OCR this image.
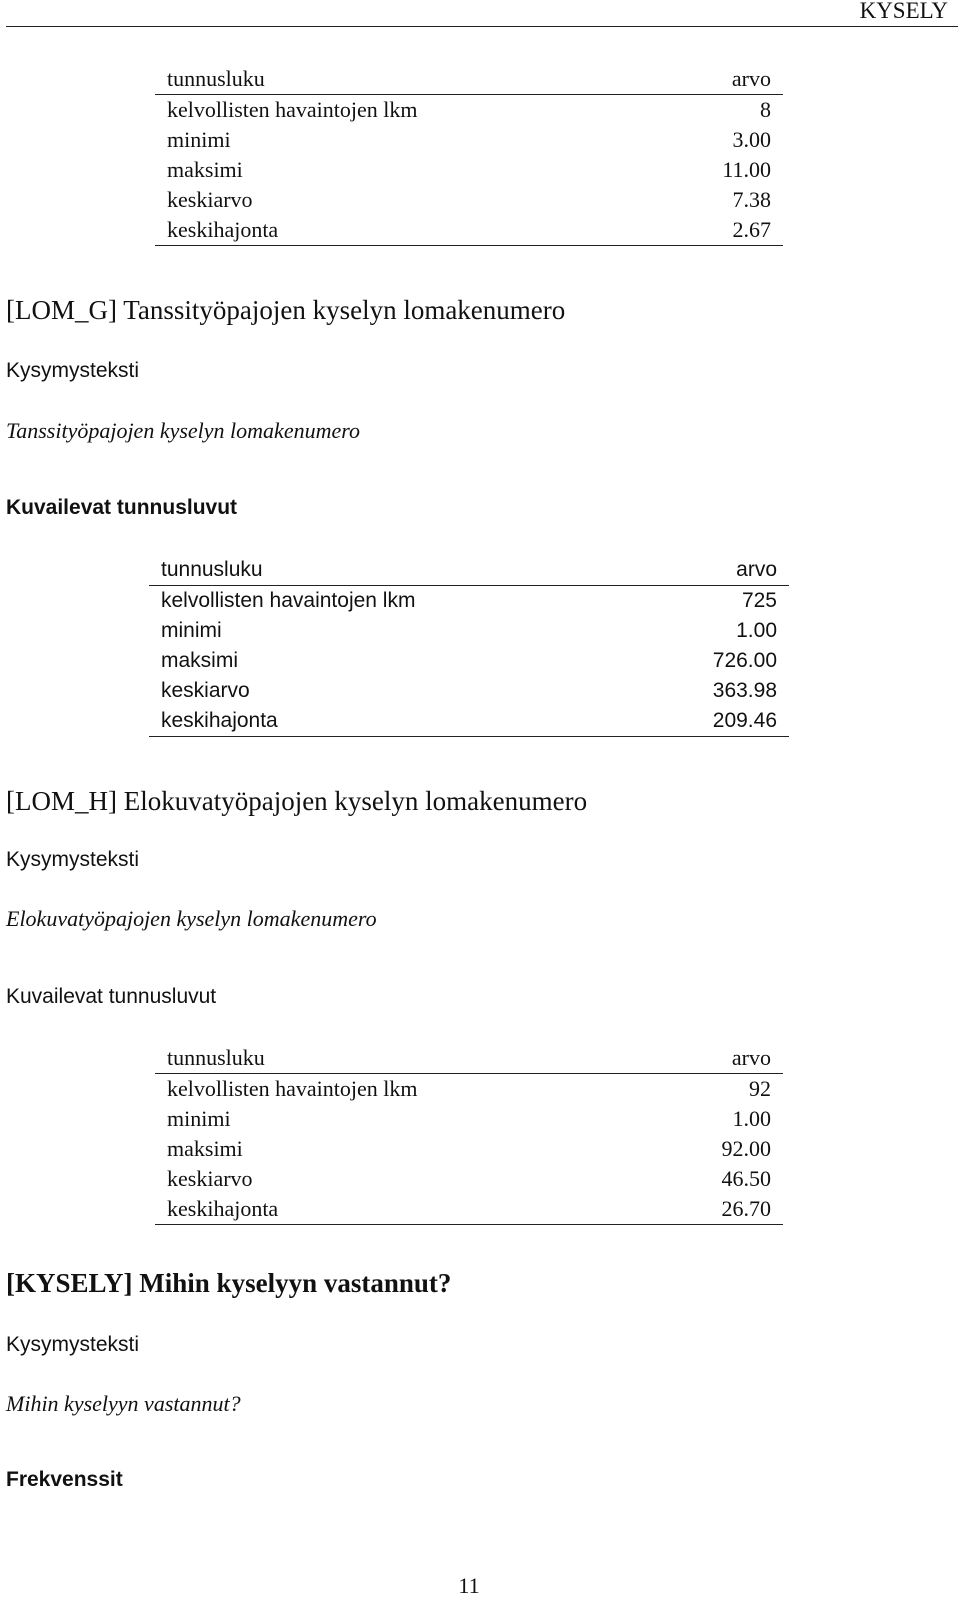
KYSELY
tunnusluku	arvo
kelvollisten havaintojen lkm	8
minimi	3.00
maksimi	11.00
keskiarvo	7.38
keskihajonta	2.67
[LOM_G] Tanssityöpajojen kyselyn lomakenumero
Kysymysteksti

Tanssityöpajojen kyselyn lomakenumero

Kuvailevat tunnusluvut
tunnusluku	arvo
kelvollisten havaintojen lkm	725
minimi	1.00
maksimi	726.00
keskiarvo	363.98
keskihajonta	209.46
[LOM_H] Elokuvatyöpajojen kyselyn lomakenumero
Kysymysteksti

Elokuvatyöpajojen kyselyn lomakenumero

Kuvailevat tunnusluvut
tunnusluku	arvo
kelvollisten havaintojen lkm	92
minimi	1.00
maksimi	92.00
keskiarvo	46.50
keskihajonta	26.70
[KYSELY] Mihin kyselyyn vastannut?
Kysymysteksti

Mihin kyselyyn vastannut?

Frekvenssit
11
